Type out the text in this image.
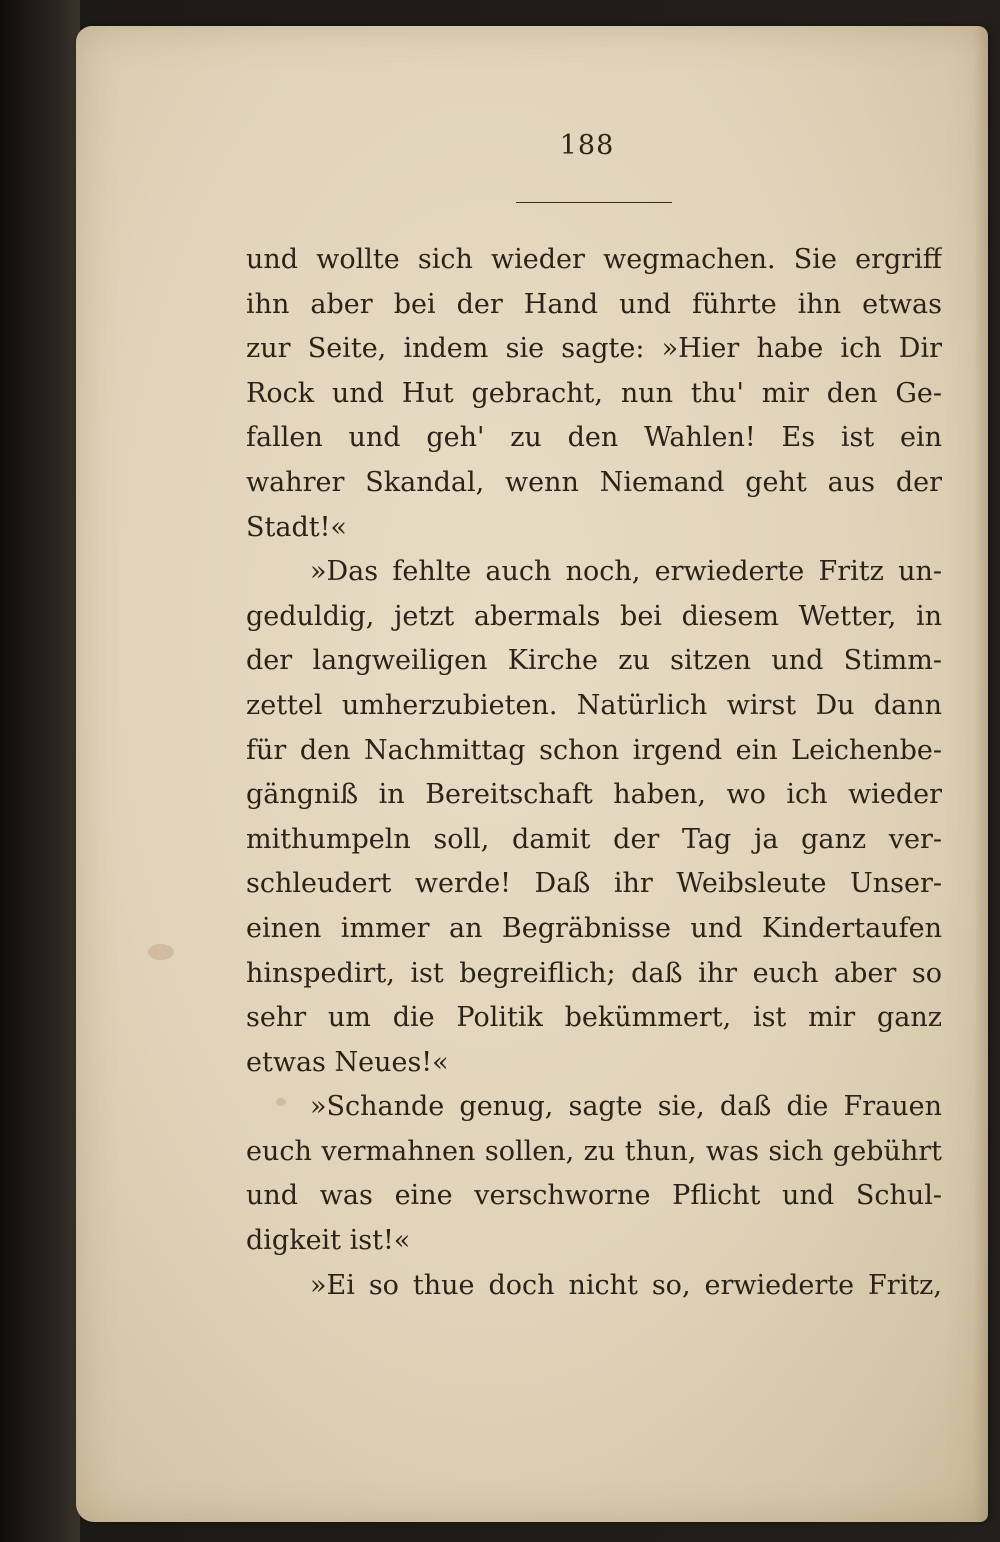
188
und wollte sich wieder wegmachen. Sie ergriff
ihn aber bei der Hand und führte ihn etwas
zur Seite, indem sie sagte: »Hier habe ich Dir
Rock und Hut gebracht, nun thu' mir den Ge-
fallen und geh' zu den Wahlen! Es ist ein
wahrer Skandal, wenn Niemand geht aus der
Stadt!«
»Das fehlte auch noch, erwiederte Fritz un-
geduldig, jetzt abermals bei diesem Wetter, in
der langweiligen Kirche zu sitzen und Stimm-
zettel umherzubieten. Natürlich wirst Du dann
für den Nachmittag schon irgend ein Leichenbe-
gängniß in Bereitschaft haben, wo ich wieder
mithumpeln soll, damit der Tag ja ganz ver-
schleudert werde! Daß ihr Weibsleute Unser-
einen immer an Begräbnisse und Kindertaufen
hinspedirt, ist begreiflich; daß ihr euch aber so
sehr um die Politik bekümmert, ist mir ganz
etwas Neues!«
»Schande genug, sagte sie, daß die Frauen
euch vermahnen sollen, zu thun, was sich gebührt
und was eine verschworne Pflicht und Schul-
digkeit ist!«
»Ei so thue doch nicht so, erwiederte Fritz,
